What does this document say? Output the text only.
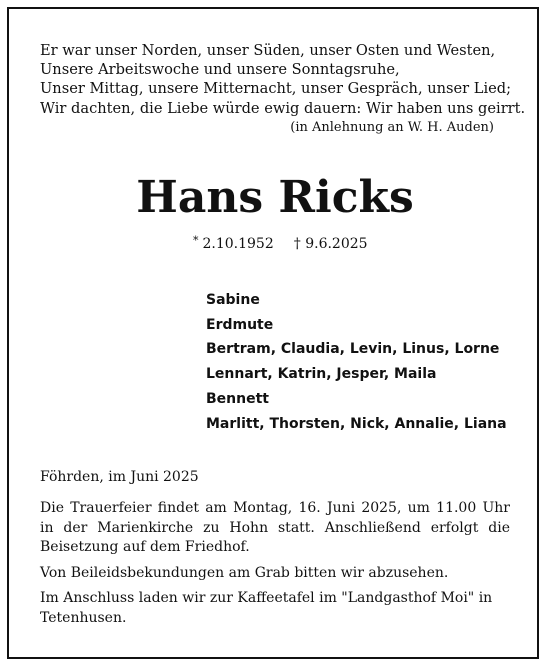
Er war unser Norden, unser Süden, unser Osten und Westen,
Unsere Arbeitswoche und unsere Sonntagsruhe,
Unser Mittag, unsere Mitternacht, unser Gespräch, unser Lied;
Wir dachten, die Liebe würde ewig dauern: Wir haben uns geirrt.
(in Anlehnung an W. H. Auden)
Hans Ricks
* 2.10.1952 † 9.6.2025
Sabine
Erdmute
Bertram, Claudia, Levin, Linus, Lorne
Lennart, Katrin, Jesper, Maila
Bennett
Marlitt, Thorsten, Nick, Annalie, Liana
Föhrden, im Juni 2025

Die Trauerfeier findet am Montag, 16. Juni 2025, um 11.00 Uhr in der Marienkirche zu Hohn statt. Anschließend erfolgt die Beisetzung auf dem Friedhof.

Von Beileidsbekundungen am Grab bitten wir abzusehen.

Im Anschluss laden wir zur Kaffeetafel im "Landgasthof Moi" in Tetenhusen.
